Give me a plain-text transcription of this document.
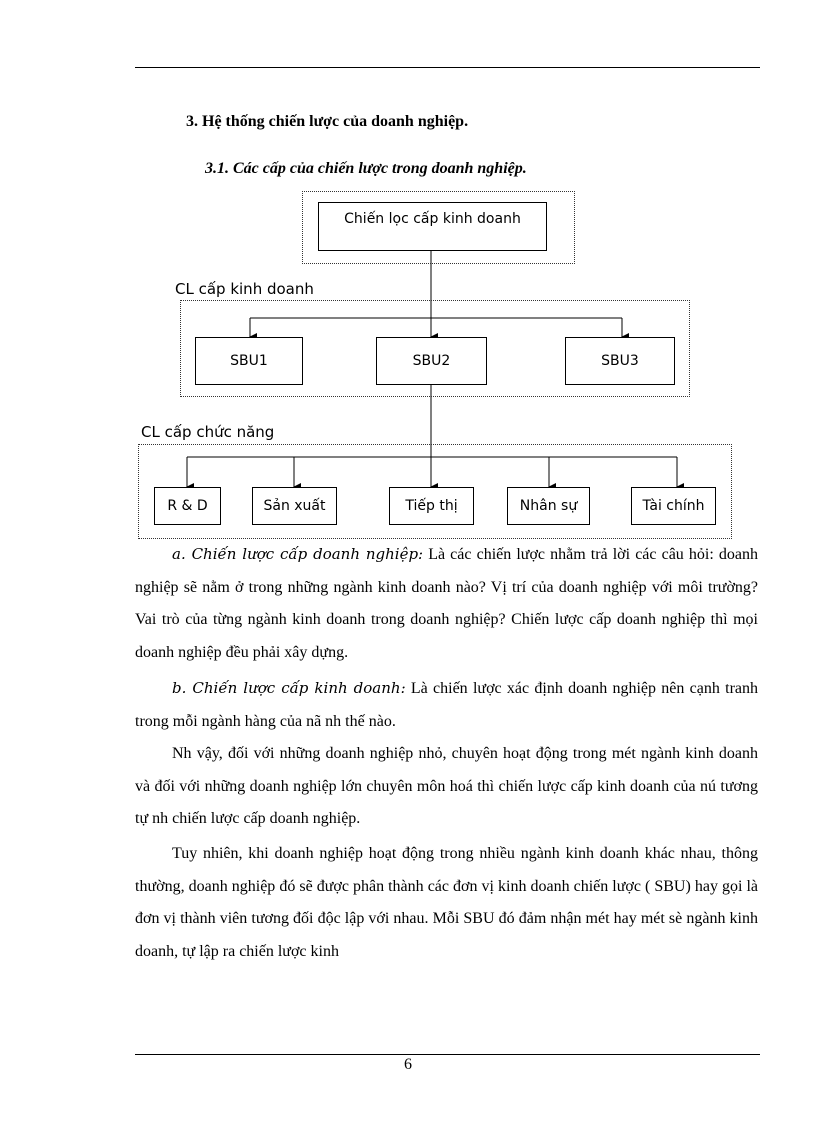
3. Hệ thống chiến lược của doanh nghiệp.
3.1. Các cấp của chiến lược trong doanh nghiệp.
Chiến lọc cấp kinh doanh
CL cấp kinh doanh
SBU 1	SBU 2	SBU 3
CL cấp chức năng
R & D	Sản xuất	Tiếp thị	Nhân sự	Tài chính

a. Chiến lược cấp doanh nghiệp: Là các chiến lược nhằm trả lời các câu hỏi: doanh nghiệp sẽ nằm ở trong những ngành kinh doanh nào? Vị trí của doanh nghiệp với môi trường? Vai trò của từng ngành kinh doanh trong doanh nghiệp? Chiến lược cấp doanh nghiệp thì mọi doanh nghiệp đều phải xây dựng.

b. Chiến lược cấp kinh doanh: Là chiến lược xác định doanh nghiệp nên cạnh tranh trong mỗi ngành hàng của nã nh thế nào.

Nh vậy, đối với những doanh nghiệp nhỏ, chuyên hoạt động trong mét ngành kinh doanh và đối với những doanh nghiệp lớn chuyên môn hoá thì chiến lược cấp kinh doanh của nú tương tự nh chiến lược cấp doanh nghiệp.

Tuy nhiên, khi doanh nghiệp hoạt động trong nhiều ngành kinh doanh khác nhau, thông thường, doanh nghiệp đó sẽ được phân thành các đơn vị kinh doanh chiến lược ( SBU) hay gọi là đơn vị thành viên tương đối độc lập với nhau. Mỗi SBU đó đảm nhận mét hay mét sè ngành kinh doanh, tự lập ra chiến lược kinh

6
